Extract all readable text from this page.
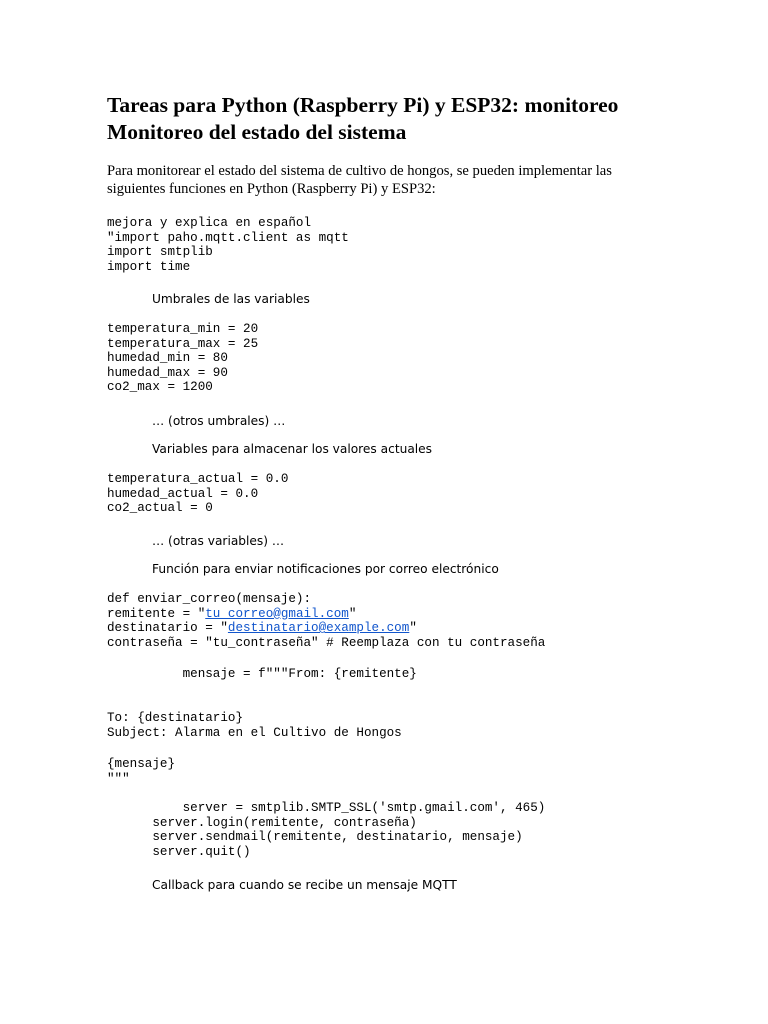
Tareas para Python (Raspberry Pi) y ESP32: monitoreo
Monitoreo del estado del sistema

Para monitorear el estado del sistema de cultivo de hongos, se pueden implementar las siguientes funciones en Python (Raspberry Pi) y ESP32:

mejora y explica en español
"import paho.mqtt.client as mqtt
import smtplib
import time
Umbrales de las variables
temperatura_min = 20
temperatura_max = 25
humedad_min = 80
humedad_max = 90
co2_max = 1200
… (otros umbrales) …
Variables para almacenar los valores actuales
temperatura_actual = 0.0
humedad_actual = 0.0
co2_actual = 0
… (otras variables) …
Función para enviar notificaciones por correo electrónico
def enviar_correo(mensaje):
remitente = "tu_correo@gmail.com"
destinatario = "destinatario@example.com"
contraseña = "tu_contraseña" # Reemplaza con tu contraseña
mensaje = f"""From: {remitente}
To: {destinatario}
Subject: Alarma en el Cultivo de Hongos
{mensaje}
"""
server = smtplib.SMTP_SSL('smtp.gmail.com', 465)
server.login(remitente, contraseña)
server.sendmail(remitente, destinatario, mensaje)
server.quit()
Callback para cuando se recibe un mensaje MQTT
